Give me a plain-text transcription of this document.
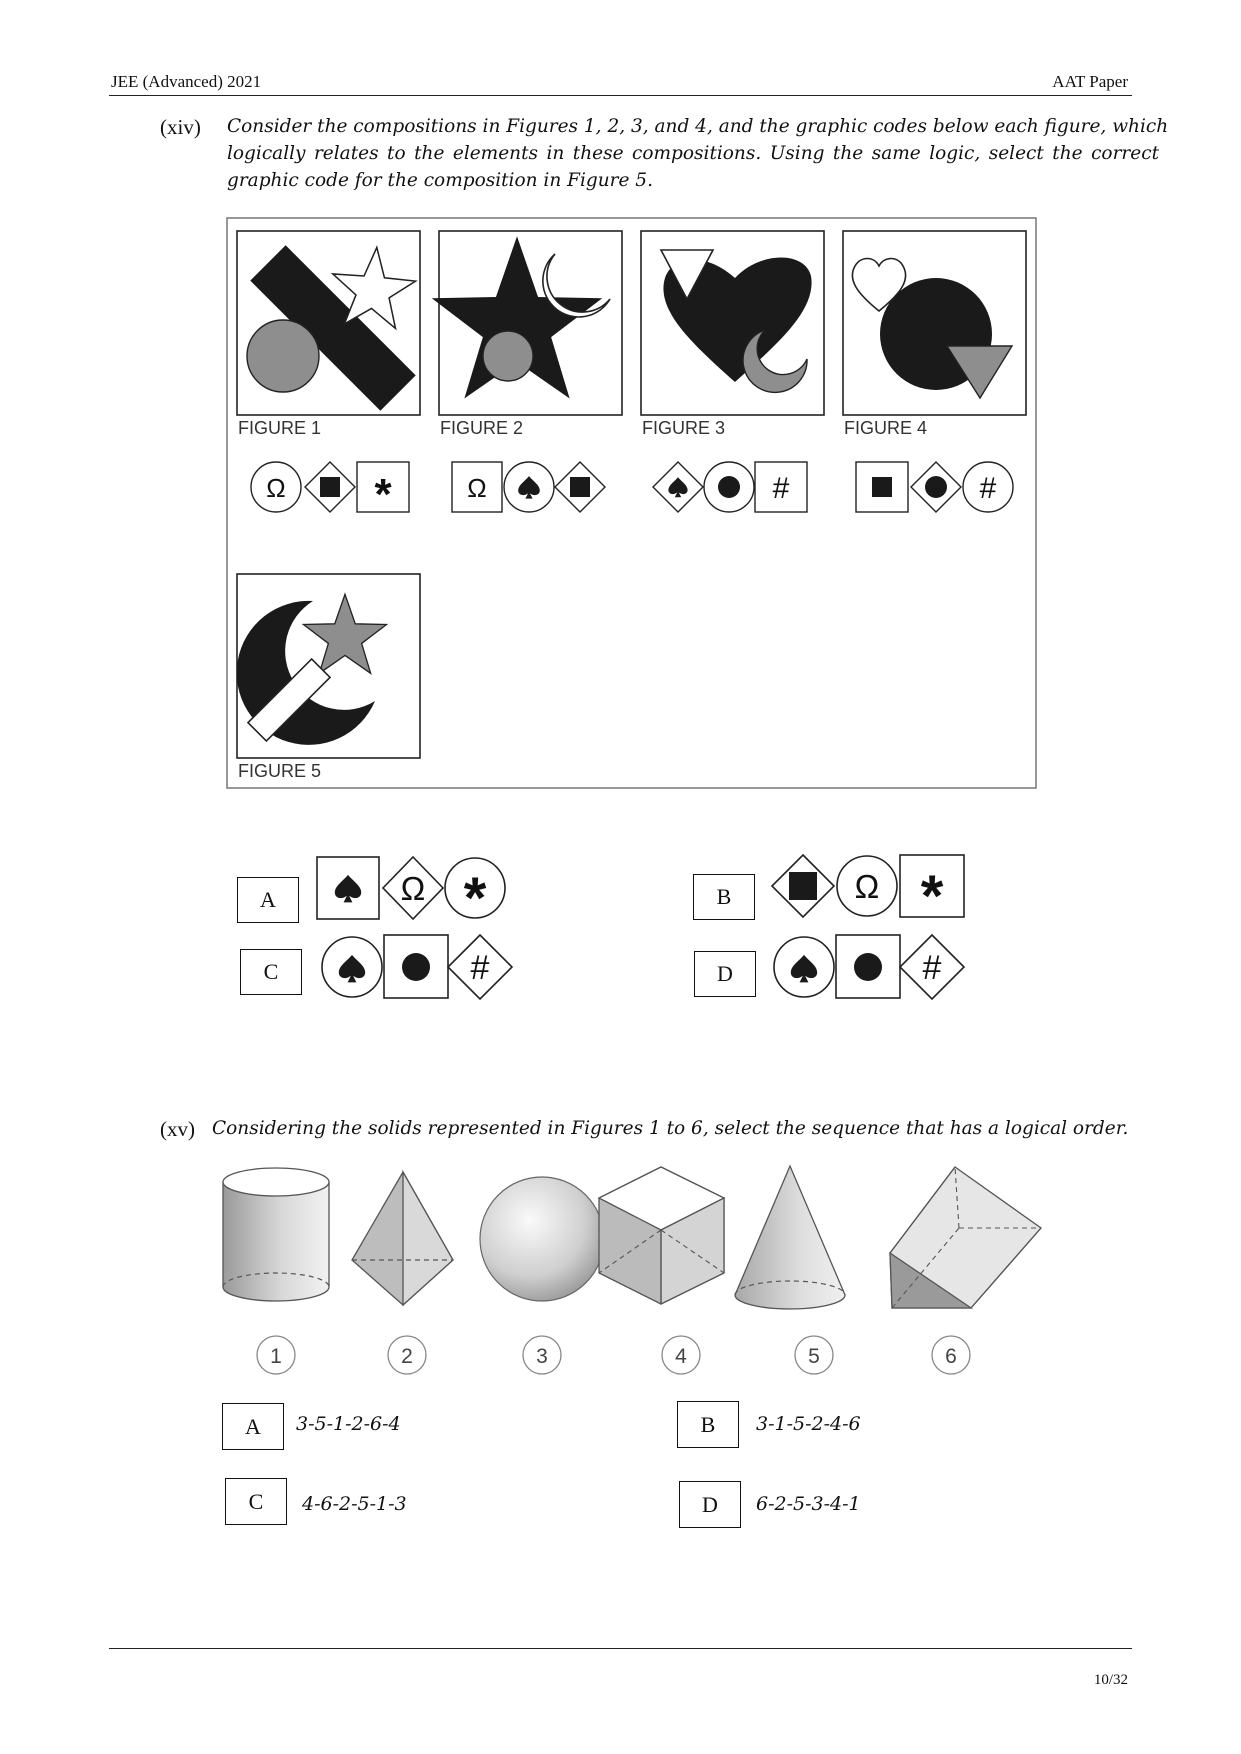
JEE (Advanced) 2021	AAT Paper
(xiv) Consider the compositions in Figures 1, 2, 3, and 4, and the graphic codes below each figure, which
logically relates to the elements in these compositions. Using the same logic, select the correct
graphic code for the composition in Figure 5.
FIGURE 1	FIGURE 2	FIGURE 3	FIGURE 4
Ω *	Ω	#	#
FIGURE 5
A	Ω *	B	Ω *
C	#	D	#
(xv) Considering the solids represented in Figures 1 to 6, select the sequence that has a logical order.
1	2	3	4	5	6
A	3-5-1-2-6-4	B	3-1-5-2-4-6
C	4-6-2-5-1-3	D	6-2-5-3-4-1
10/32
